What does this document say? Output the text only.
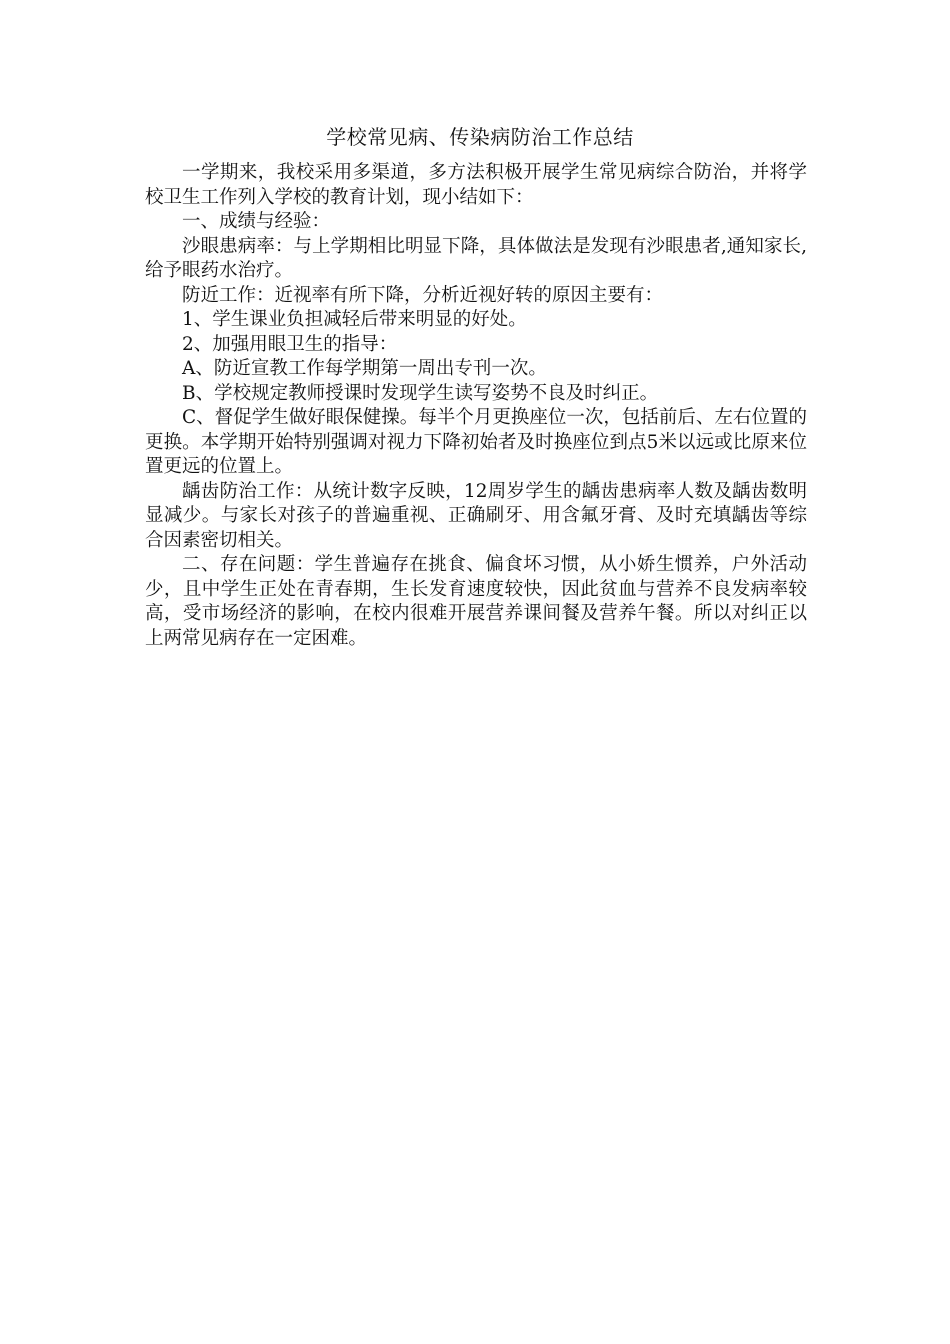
学校常见病、传染病防治工作总结

一学期来，我校采用多渠道，多方法积极开展学生常见病综合防治，并将学校卫生工作列入学校的教育计划，现小结如下：

一、成绩与经验：

沙眼患病率：与上学期相比明显下降，具体做法是发现有沙眼患者,通知家长,给予眼药水治疗。

防近工作：近视率有所下降，分析近视好转的原因主要有：

1、学生课业负担减轻后带来明显的好处。

2、加强用眼卫生的指导：

A、防近宣教工作每学期第一周出专刊一次。

B、学校规定教师授课时发现学生读写姿势不良及时纠正。

C、督促学生做好眼保健操。每半个月更换座位一次，包括前后、左右位置的更换。本学期开始特别强调对视力下降初始者及时换座位到点5米以远或比原来位置更远的位置上。

龋齿防治工作：从统计数字反映，12周岁学生的龋齿患病率人数及龋齿数明显减少。与家长对孩子的普遍重视、正确刷牙、用含氟牙膏、及时充填龋齿等综合因素密切相关。

二、存在问题：学生普遍存在挑食、偏食坏习惯，从小娇生惯养，户外活动少，且中学生正处在青春期，生长发育速度较快，因此贫血与营养不良发病率较高，受市场经济的影响，在校内很难开展营养课间餐及营养午餐。所以对纠正以上两常见病存在一定困难。
